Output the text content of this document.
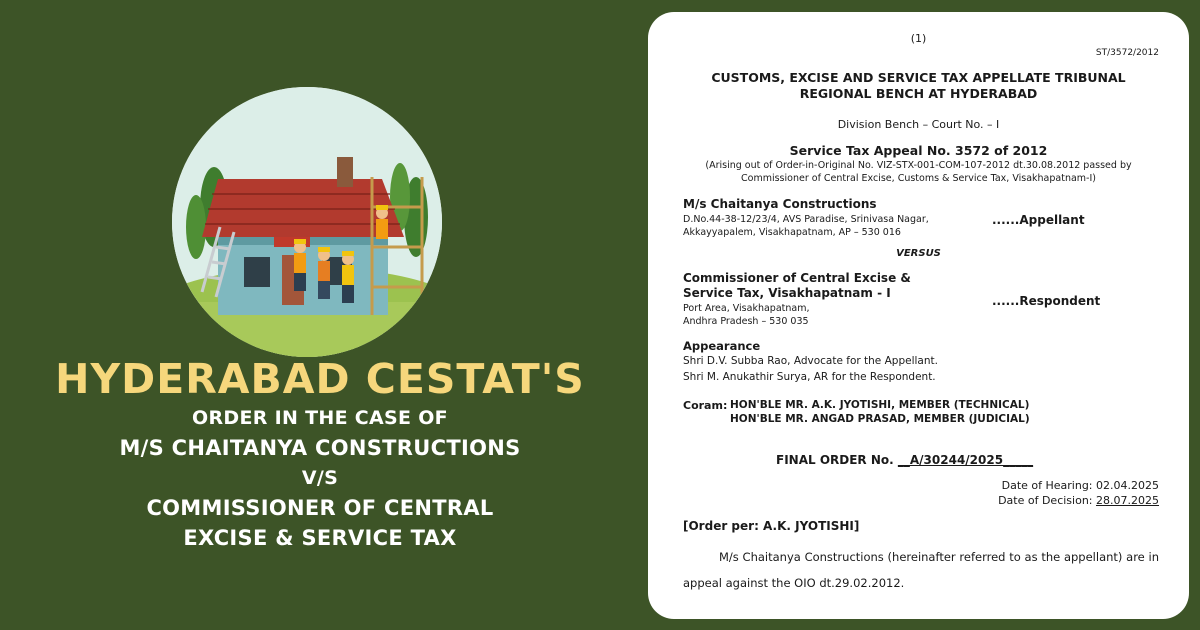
HYDERABAD CESTAT'S
ORDER IN THE CASE OF
M/S CHAITANYA CONSTRUCTIONS
V/S
COMMISSIONER OF CENTRAL
EXCISE & SERVICE TAX
(1)
ST/3572/2012
CUSTOMS, EXCISE AND SERVICE TAX APPELLATE TRIBUNAL
REGIONAL BENCH AT HYDERABAD
Division Bench – Court No. – I
Service Tax Appeal No. 3572 of 2012
(Arising out of Order-in-Original No. VIZ-STX-001-COM-107-2012 dt.30.08.2012 passed by
Commissioner of Central Excise, Customs & Service Tax, Visakhapatnam-I)
M/s Chaitanya Constructions
D.No.44-38-12/23/4, AVS Paradise, Srinivasa Nagar,
Akkayyapalem, Visakhapatnam, AP – 530 016
......Appellant
VERSUS
Commissioner of Central Excise &
Service Tax, Visakhapatnam - I
Port Area, Visakhapatnam,
Andhra Pradesh – 530 035
......Respondent
Appearance
Shri D.V. Subba Rao, Advocate for the Appellant.
Shri M. Anukathir Surya, AR for the Respondent.
Coram: HON'BLE MR. A.K. JYOTISHI, MEMBER (TECHNICAL)
HON'BLE MR. ANGAD PRASAD, MEMBER (JUDICIAL)
FINAL ORDER No. __A/30244/2025_____
Date of Hearing: 02.04.2025
Date of Decision: 28.07.2025
[Order per: A.K. JYOTISHI]
M/s Chaitanya Constructions (hereinafter referred to as the appellant) are in appeal against the OIO dt.29.02.2012.
